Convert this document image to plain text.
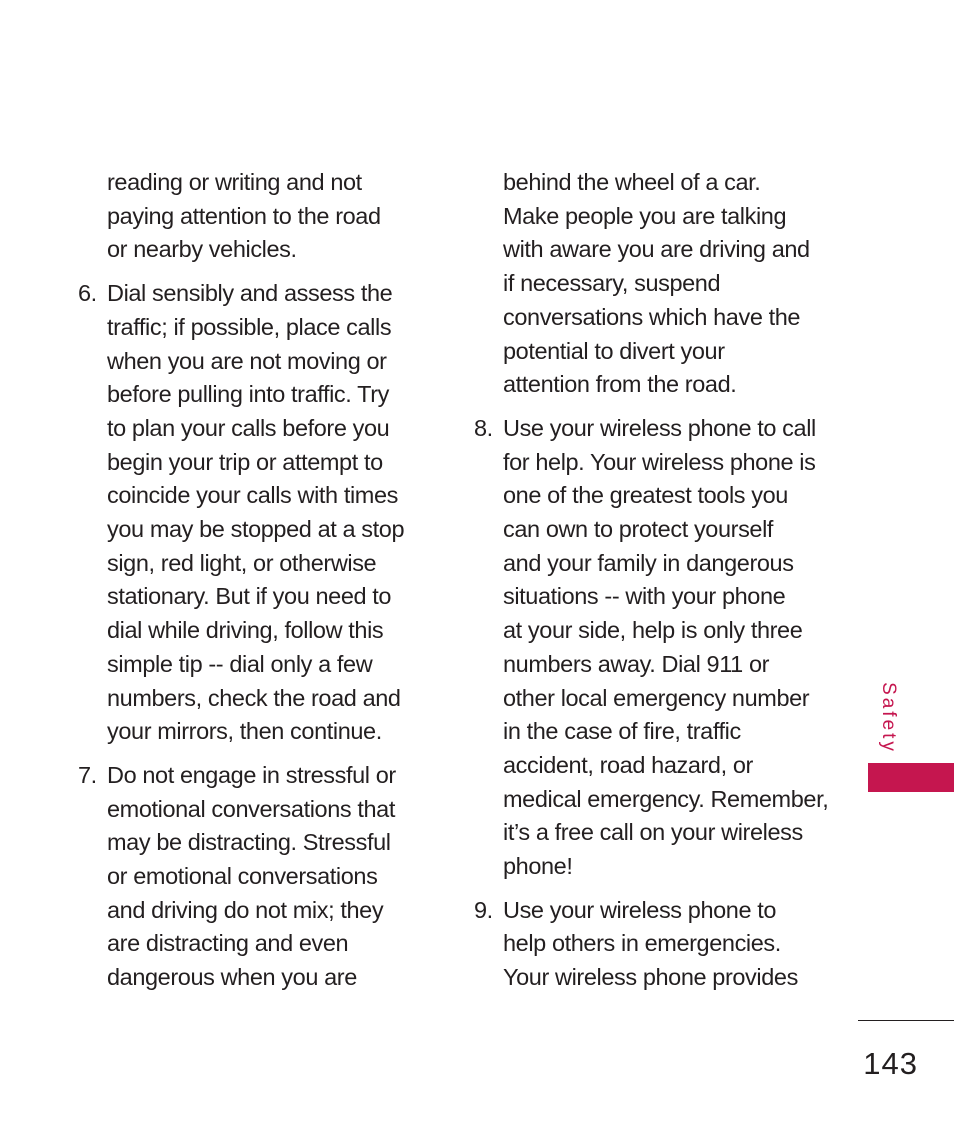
reading or writing and not
paying attention to the road
or nearby vehicles.

6. Dial sensibly and assess the
traffic; if possible, place calls
when you are not moving or
before pulling into traffic. Try
to plan your calls before you
begin your trip or attempt to
coincide your calls with times
you may be stopped at a stop
sign, red light, or otherwise
stationary. But if you need to
dial while driving, follow this
simple tip -- dial only a few
numbers, check the road and
your mirrors, then continue.
7. Do not engage in stressful or
emotional conversations that
may be distracting. Stressful
or emotional conversations
and driving do not mix; they
are distracting and even
dangerous when you are

behind the wheel of a car.
Make people you are talking
with aware you are driving and
if necessary, suspend
conversations which have the
potential to divert your
attention from the road.

8. Use your wireless phone to call
for help. Your wireless phone is
one of the greatest tools you
can own to protect yourself
and your family in dangerous
situations -- with your phone
at your side, help is only three
numbers away. Dial 911 or
other local emergency number
in the case of fire, traffic
accident, road hazard, or
medical emergency. Remember,
it’s a free call on your wireless
phone!
9. Use your wireless phone to
help others in emergencies.
Your wireless phone provides
Safety
143
